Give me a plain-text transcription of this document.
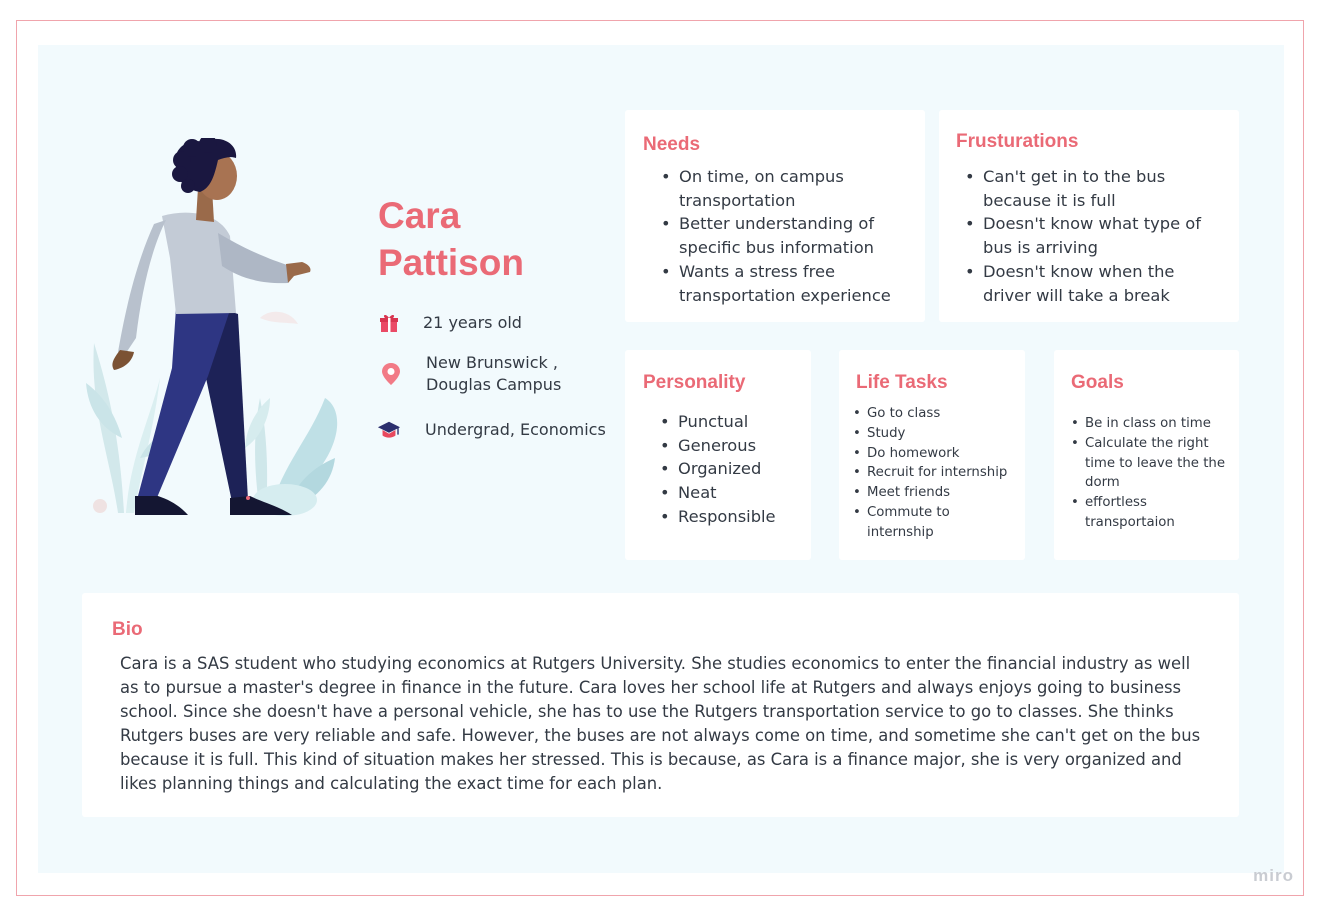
Cara
Pattison
21 years old
New Brunswick ,
Douglas Campus
Undergrad, Economics
Needs
• On time, on campus transportation
• Better understanding of specific bus information
• Wants a stress free transportation experience
Frusturations
• Can't get in to the bus because it is full
• Doesn't know what type of bus is arriving
• Doesn't know when the driver will take a break
Personality
• Punctual
• Generous
• Organized
• Neat
• Responsible
Life Tasks
• Go to class
• Study
• Do homework
• Recruit for internship
• Meet friends
• Commute to internship
Goals
• Be in class on time
• Calculate the right time to leave the the dorm
• effortless transportaion
Bio

Cara is a SAS student who studying economics at Rutgers University. She studies economics to enter the financial industry as well as to pursue a master's degree in finance in the future. Cara loves her school life at Rutgers and always enjoys going to business school. Since she doesn't have a personal vehicle, she has to use the Rutgers transportation service to go to classes. She thinks Rutgers buses are very reliable and safe. However, the buses are not always come on time, and sometime she can't get on the bus because it is full. This kind of situation makes her stressed. This is because, as Cara is a finance major, she is very organized and likes planning things and calculating the exact time for each plan.

miro
